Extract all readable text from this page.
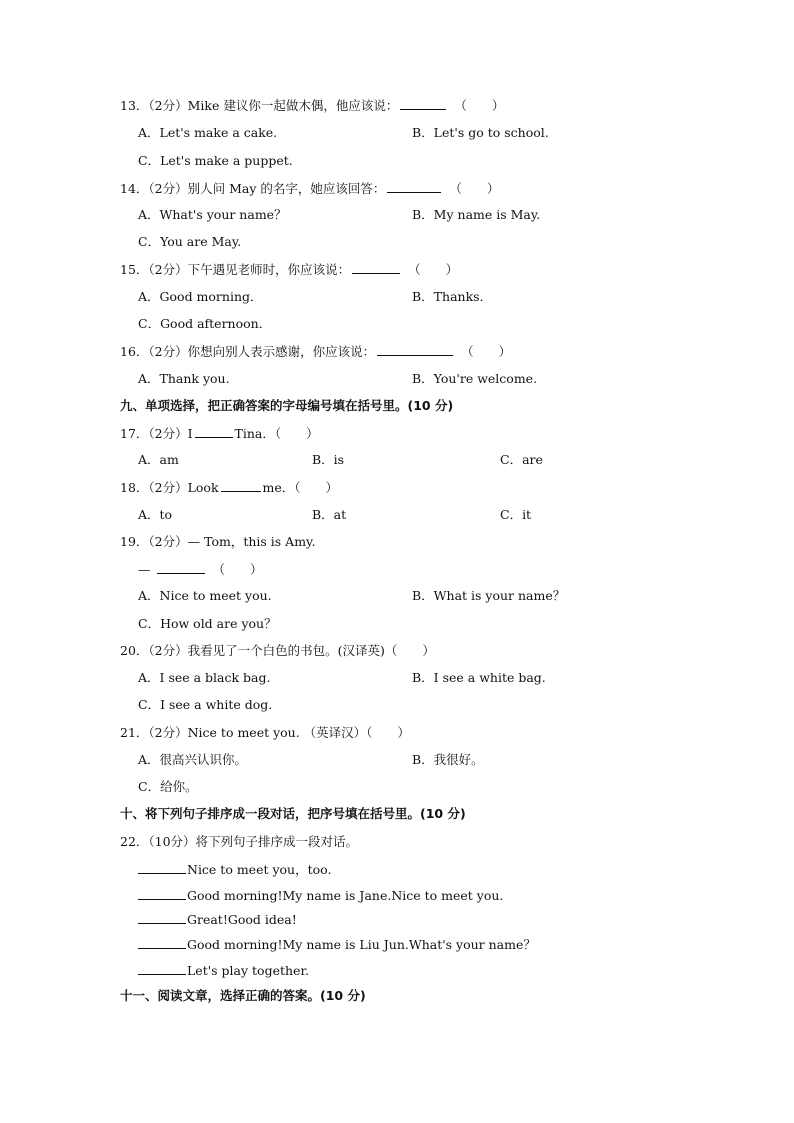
13．（2分）Mike 建议你一起做木偶，他应该说：	（　　）
A．Let's make a cake.	B．Let's go to school.
C．Let's make a puppet.
14．（2分）别人问 May 的名字，她应该回答：	（　　）
A．What's your name？	B．My name is May.
C．You are May.
15．（2分）下午遇见老师时，你应该说：	（　　）
A．Good morning．	B．Thanks．
C．Good afternoon．
16．（2分）你想向别人表示感谢，你应该说：	（　　）
A．Thank you.	B．You're welcome.
九、单项选择，把正确答案的字母编号填在括号里。(10 分)
17．（2分）I	Tina．（　　）
A．am	B．is	C．are
18．（2分）Look	me．（　　）
A．to	B．at	C．it
19．（2分）— Tom，this is Amy.
—	（　　）
A．Nice to meet you.	B．What is your name？
C．How old are you？
20．（2分）我看见了一个白色的书包。(汉译英)（　　）
A．I see a black bag.	B．I see a white bag.
C．I see a white dog.
21．（2分）Nice to meet you. （英译汉）（　　）
A．很高兴认识你。	B．我很好。
C．给你。
十、将下列句子排序成一段对话，把序号填在括号里。(10 分)
22．（10分）将下列句子排序成一段对话。
Nice to meet you，too.
Good morning!My name is Jane.Nice to meet you.
Great!Good idea!
Good morning!My name is Liu Jun.What's your name？
Let's play together.
十一、阅读文章，选择正确的答案。(10 分)
